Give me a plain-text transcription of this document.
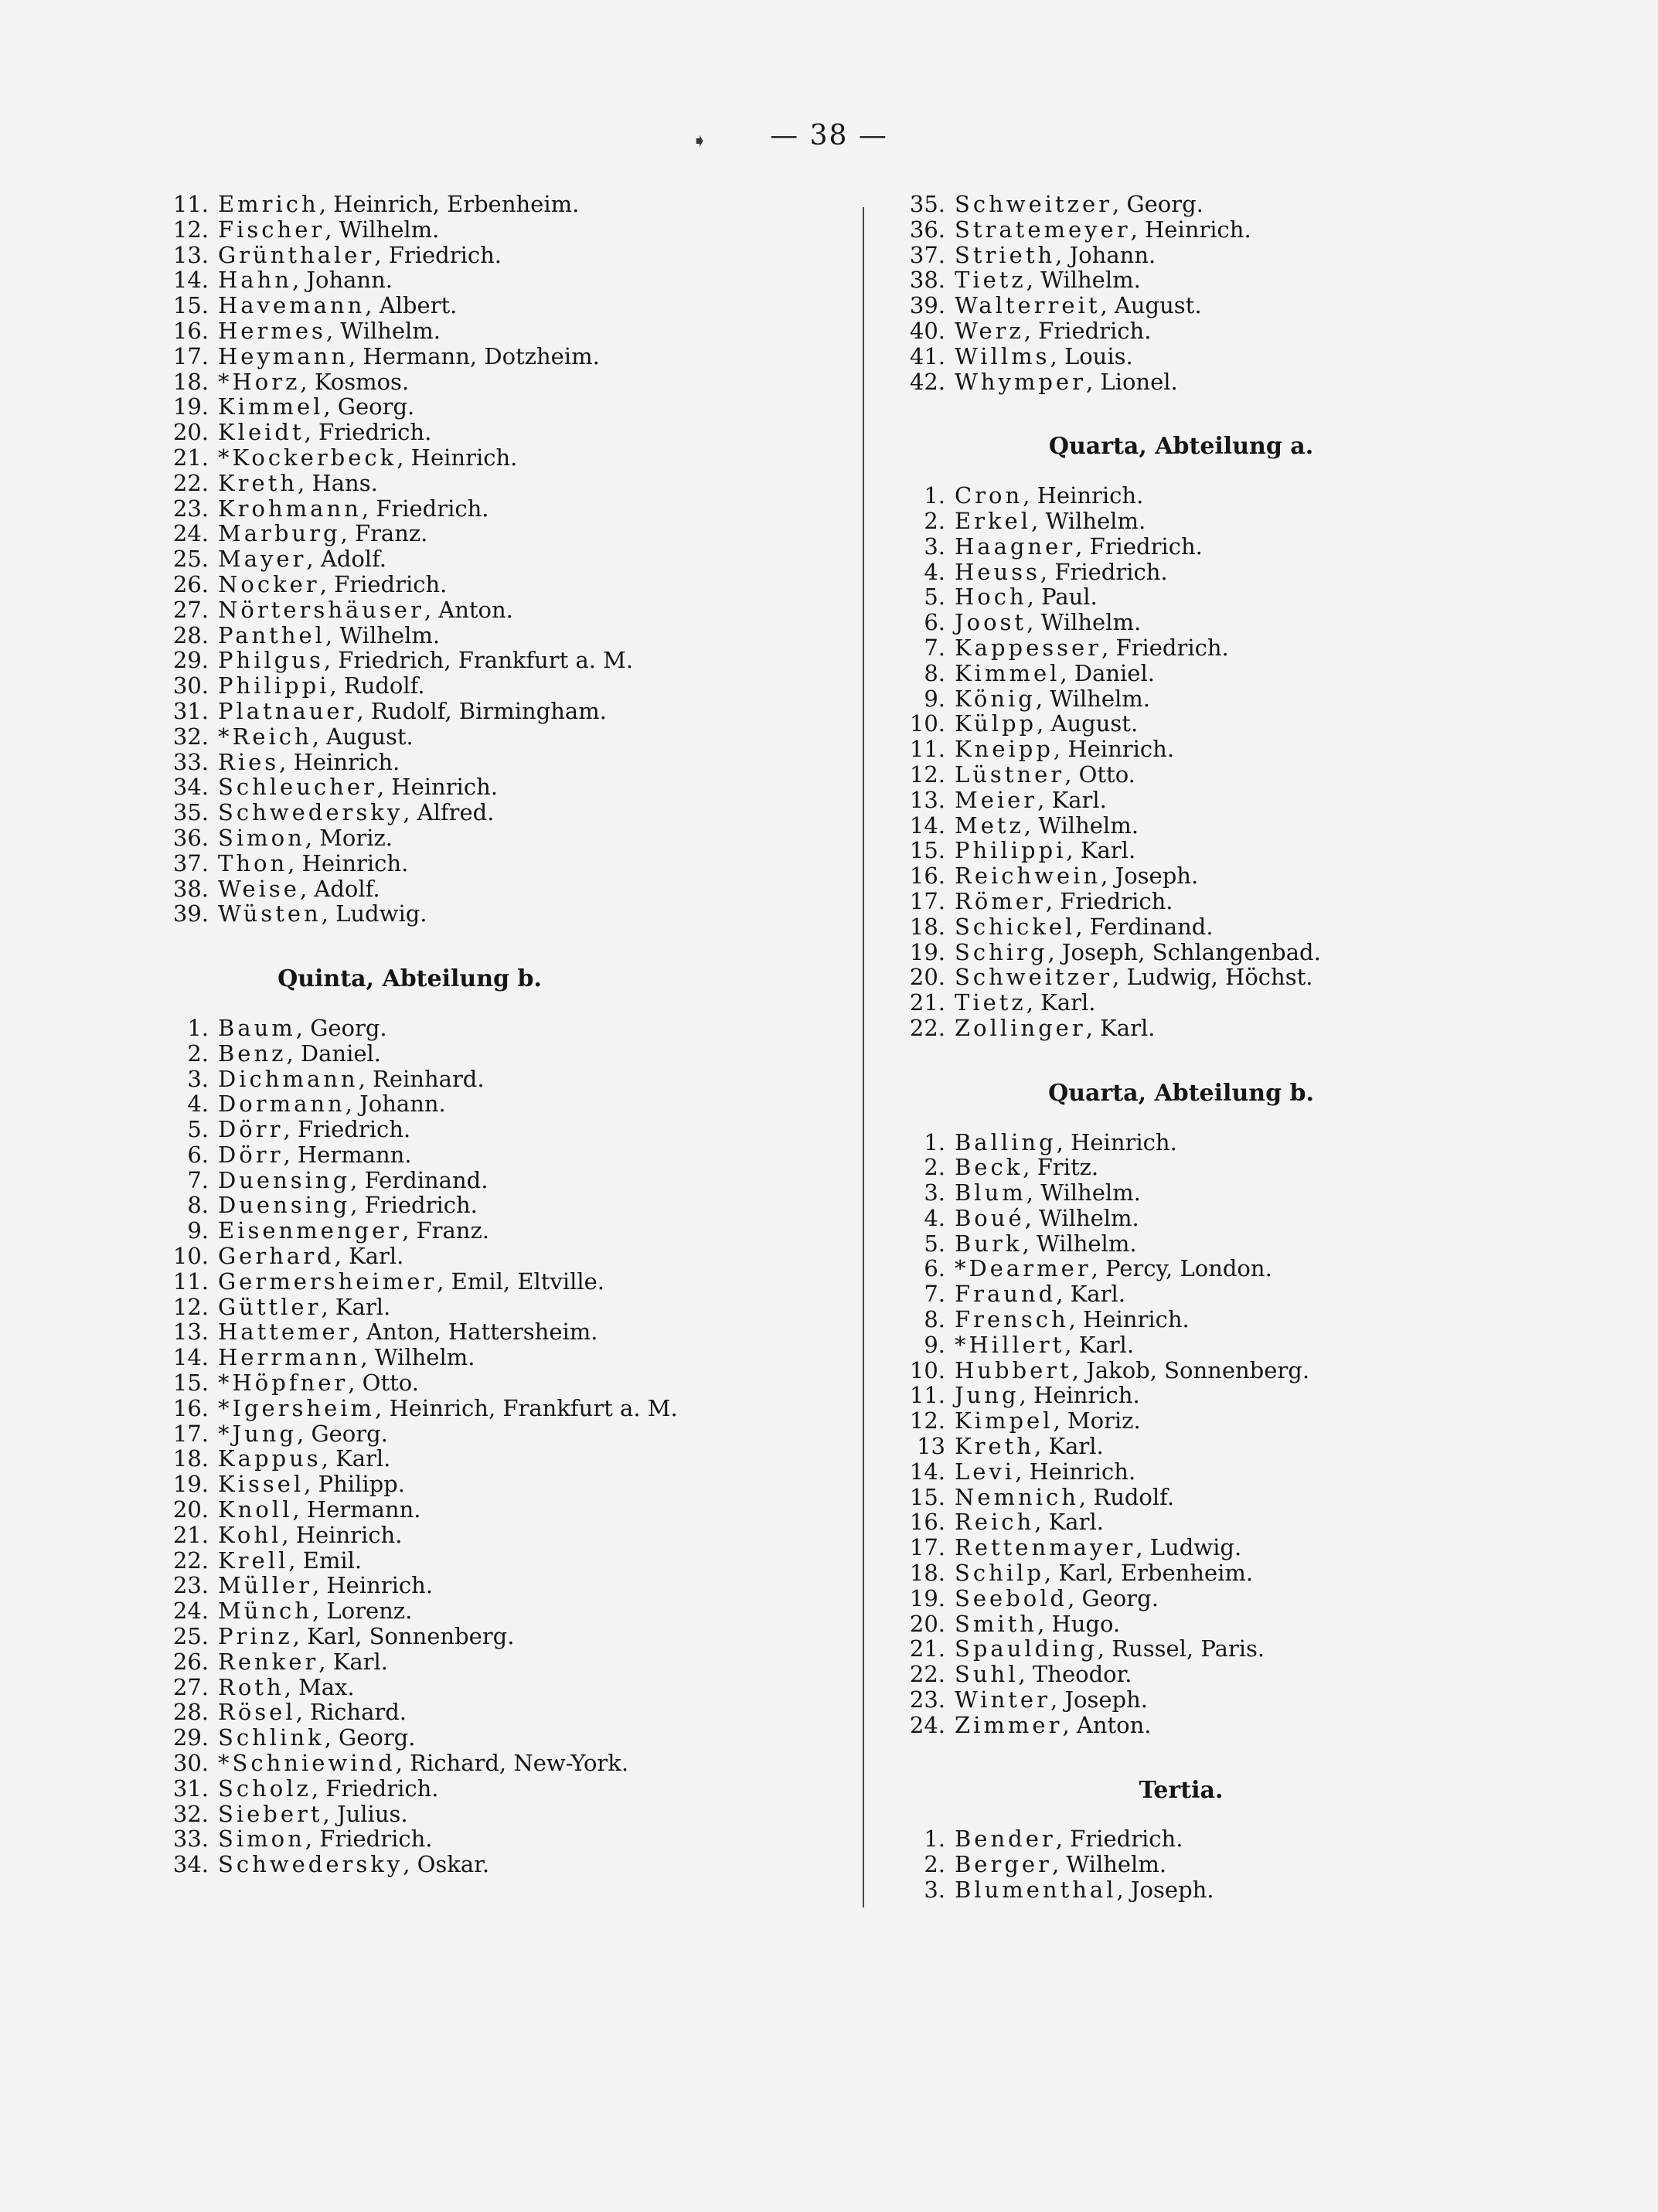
➧	— 38 —
11. Emrich, Heinrich, Erbenheim.
12. Fischer, Wilhelm.
13. Grünthaler, Friedrich.
14. Hahn, Johann.
15. Havemann, Albert.
16. Hermes, Wilhelm.
17. Heymann, Hermann, Dotzheim.
18. *Horz, Kosmos.
19. Kimmel, Georg.
20. Kleidt, Friedrich.
21. *Kockerbeck, Heinrich.
22. Kreth, Hans.
23. Krohmann, Friedrich.
24. Marburg, Franz.
25. Mayer, Adolf.
26. Nocker, Friedrich.
27. Nörtershäuser, Anton.
28. Panthel, Wilhelm.
29. Philgus, Friedrich, Frankfurt a. M.
30. Philippi, Rudolf.
31. Platnauer, Rudolf, Birmingham.
32. *Reich, August.
33. Ries, Heinrich.
34. Schleucher, Heinrich.
35. Schwedersky, Alfred.
36. Simon, Moriz.
37. Thon, Heinrich.
38. Weise, Adolf.
39. Wüsten, Ludwig.
Quinta, Abteilung b.
1. Baum, Georg.
2. Benz, Daniel.
3. Dichmann, Reinhard.
4. Dormann, Johann.
5. Dörr, Friedrich.
6. Dörr, Hermann.
7. Duensing, Ferdinand.
8. Duensing, Friedrich.
9. Eisenmenger, Franz.
10. Gerhard, Karl.
11. Germersheimer, Emil, Eltville.
12. Güttler, Karl.
13. Hattemer, Anton, Hattersheim.
14. Herrmann, Wilhelm.
15. *Höpfner, Otto.
16. *Igersheim, Heinrich, Frankfurt a. M.
17. *Jung, Georg.
18. Kappus, Karl.
19. Kissel, Philipp.
20. Knoll, Hermann.
21. Kohl, Heinrich.
22. Krell, Emil.
23. Müller, Heinrich.
24. Münch, Lorenz.
25. Prinz, Karl, Sonnenberg.
26. Renker, Karl.
27. Roth, Max.
28. Rösel, Richard.
29. Schlink, Georg.
30. *Schniewind, Richard, New-York.
31. Scholz, Friedrich.
32. Siebert, Julius.
33. Simon, Friedrich.
34. Schwedersky, Oskar.
35. Schweitzer, Georg.
36. Stratemeyer, Heinrich.
37. Strieth, Johann.
38. Tietz, Wilhelm.
39. Walterreit, August.
40. Werz, Friedrich.
41. Willms, Louis.
42. Whymper, Lionel.
Quarta, Abteilung a.
1. Cron, Heinrich.
2. Erkel, Wilhelm.
3. Haagner, Friedrich.
4. Heuss, Friedrich.
5. Hoch, Paul.
6. Joost, Wilhelm.
7. Kappesser, Friedrich.
8. Kimmel, Daniel.
9. König, Wilhelm.
10. Külpp, August.
11. Kneipp, Heinrich.
12. Lüstner, Otto.
13. Meier, Karl.
14. Metz, Wilhelm.
15. Philippi, Karl.
16. Reichwein, Joseph.
17. Römer, Friedrich.
18. Schickel, Ferdinand.
19. Schirg, Joseph, Schlangenbad.
20. Schweitzer, Ludwig, Höchst.
21. Tietz, Karl.
22. Zollinger, Karl.
Quarta, Abteilung b.
1. Balling, Heinrich.
2. Beck, Fritz.
3. Blum, Wilhelm.
4. Boué, Wilhelm.
5. Burk, Wilhelm.
6. *Dearmer, Percy, London.
7. Fraund, Karl.
8. Frensch, Heinrich.
9. *Hillert, Karl.
10. Hubbert, Jakob, Sonnenberg.
11. Jung, Heinrich.
12. Kimpel, Moriz.
13 Kreth, Karl.
14. Levi, Heinrich.
15. Nemnich, Rudolf.
16. Reich, Karl.
17. Rettenmayer, Ludwig.
18. Schilp, Karl, Erbenheim.
19. Seebold, Georg.
20. Smith, Hugo.
21. Spaulding, Russel, Paris.
22. Suhl, Theodor.
23. Winter, Joseph.
24. Zimmer, Anton.
Tertia.
1. Bender, Friedrich.
2. Berger, Wilhelm.
3. Blumenthal, Joseph.
